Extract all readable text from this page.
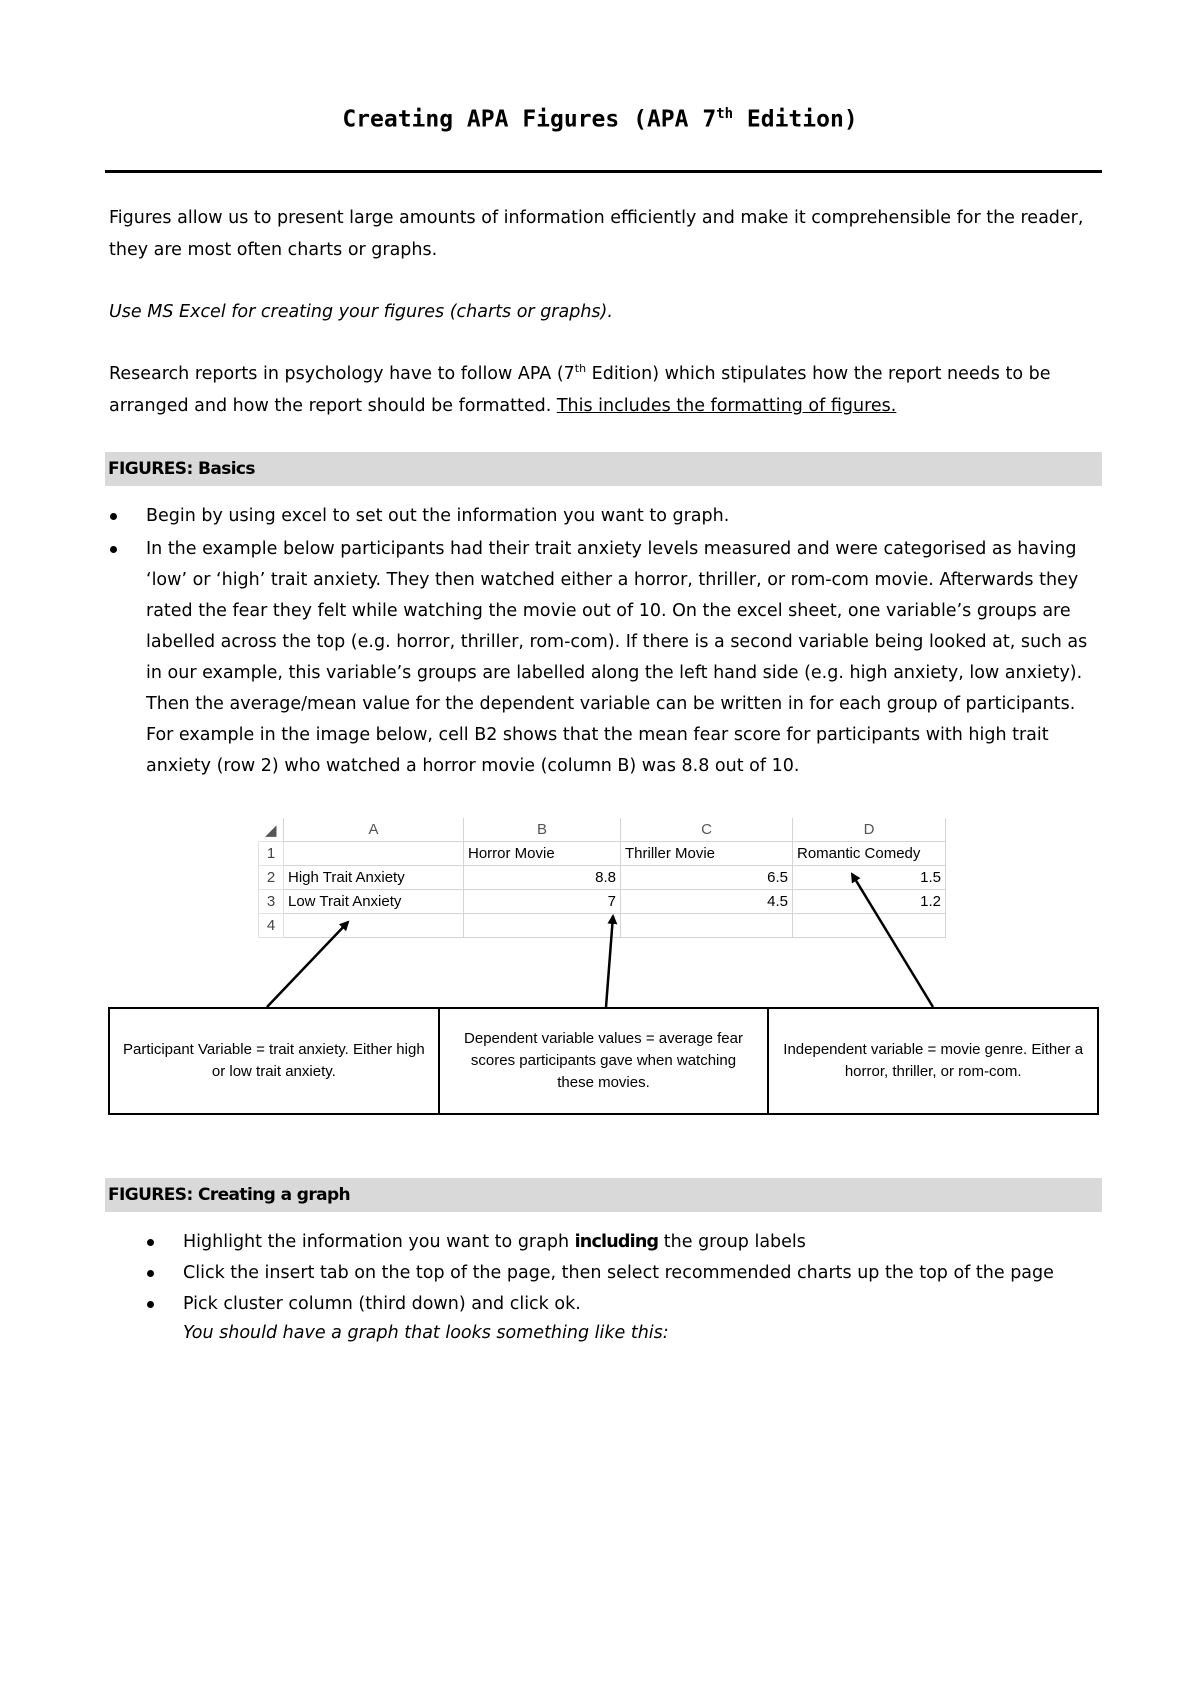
Creating APA Figures (APA 7th Edition)
Figures allow us to present large amounts of information efficiently and make it comprehensible for the reader, they are most often charts or graphs.
Use MS Excel for creating your figures (charts or graphs).
Research reports in psychology have to follow APA (7th Edition) which stipulates how the report needs to be arranged and how the report should be formatted. This includes the formatting of figures.
FIGURES: Basics
Begin by using excel to set out the information you want to graph.
In the example below participants had their trait anxiety levels measured and were categorised as having ‘low’ or ‘high’ trait anxiety. They then watched either a horror, thriller, or rom-com movie. Afterwards they rated the fear they felt while watching the movie out of 10. On the excel sheet, one variable’s groups are labelled across the top (e.g. horror, thriller, rom-com). If there is a second variable being looked at, such as in our example, this variable’s groups are labelled along the left hand side (e.g. high anxiety, low anxiety). Then the average/mean value for the dependent variable can be written in for each group of participants. For example in the image below, cell B2 shows that the mean fear score for participants with high trait anxiety (row 2) who watched a horror movie (column B) was 8.8 out of 10.
◢	A	B	C	D
1		Horror Movie	Thriller Movie	Romantic Comedy
2	High Trait Anxiety	8.8	6.5	1.5
3	Low Trait Anxiety	7	4.5	1.2
4				
Participant Variable = trait anxiety. Either high or low trait anxiety.
Dependent variable values = average fear scores participants gave when watching these movies.
Independent variable = movie genre. Either a horror, thriller, or rom-com.
FIGURES: Creating a graph
Highlight the information you want to graph including the group labels
Click the insert tab on the top of the page, then select recommended charts up the top of the page
Pick cluster column (third down) and click ok.
You should have a graph that looks something like this:
